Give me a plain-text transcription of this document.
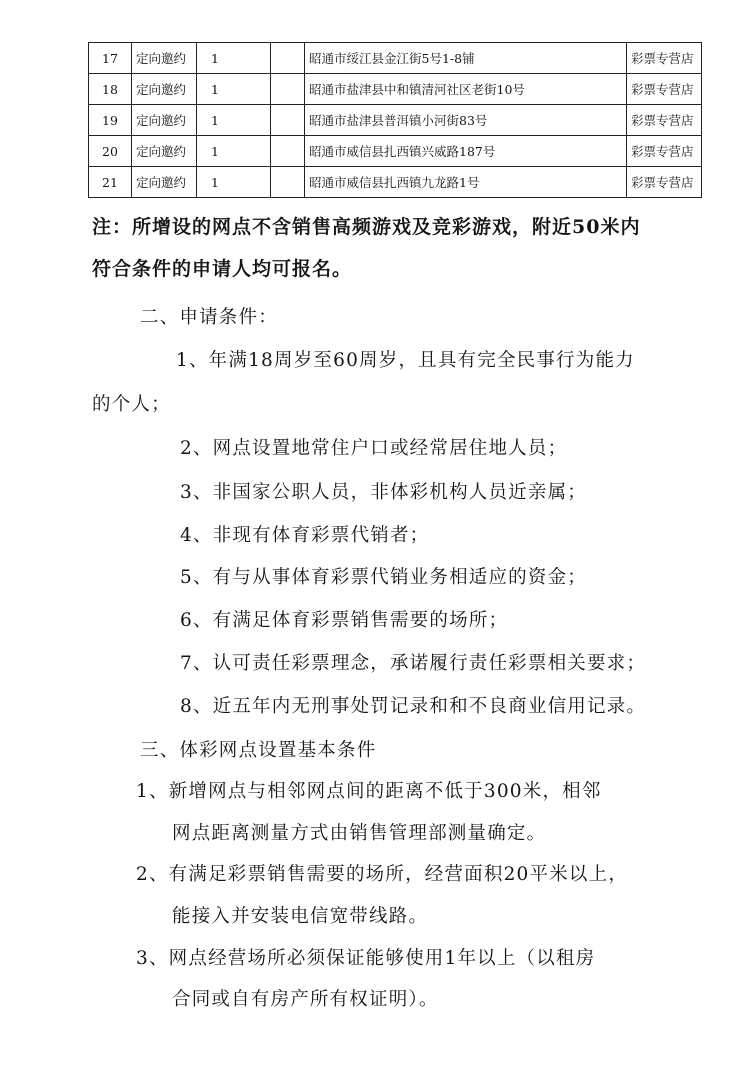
17	定向邀约	1		昭通市绥江县金江街5号1-8铺	彩票专营店
18	定向邀约	1		昭通市盐津县中和镇清河社区老街10号	彩票专营店
19	定向邀约	1		昭通市盐津县普洱镇小河街83号	彩票专营店
20	定向邀约	1		昭通市威信县扎西镇兴威路187号	彩票专营店
21	定向邀约	1		昭通市威信县扎西镇九龙路1号	彩票专营店

注：所增设的网点不含销售高频游戏及竞彩游戏，附近50米内

符合条件的申请人均可报名。

二、申请条件：

1、年满18周岁至60周岁，且具有完全民事行为能力

的个人；

2、网点设置地常住户口或经常居住地人员；

3、非国家公职人员，非体彩机构人员近亲属；

4、非现有体育彩票代销者；

5、有与从事体育彩票代销业务相适应的资金；

6、有满足体育彩票销售需要的场所；

7、认可责任彩票理念，承诺履行责任彩票相关要求；

8、近五年内无刑事处罚记录和和不良商业信用记录。

三、体彩网点设置基本条件

1、新增网点与相邻网点间的距离不低于300米，相邻

网点距离测量方式由销售管理部测量确定。

2、有满足彩票销售需要的场所，经营面积20平米以上，

能接入并安装电信宽带线路。

3、网点经营场所必须保证能够使用1年以上（以租房

合同或自有房产所有权证明）。
